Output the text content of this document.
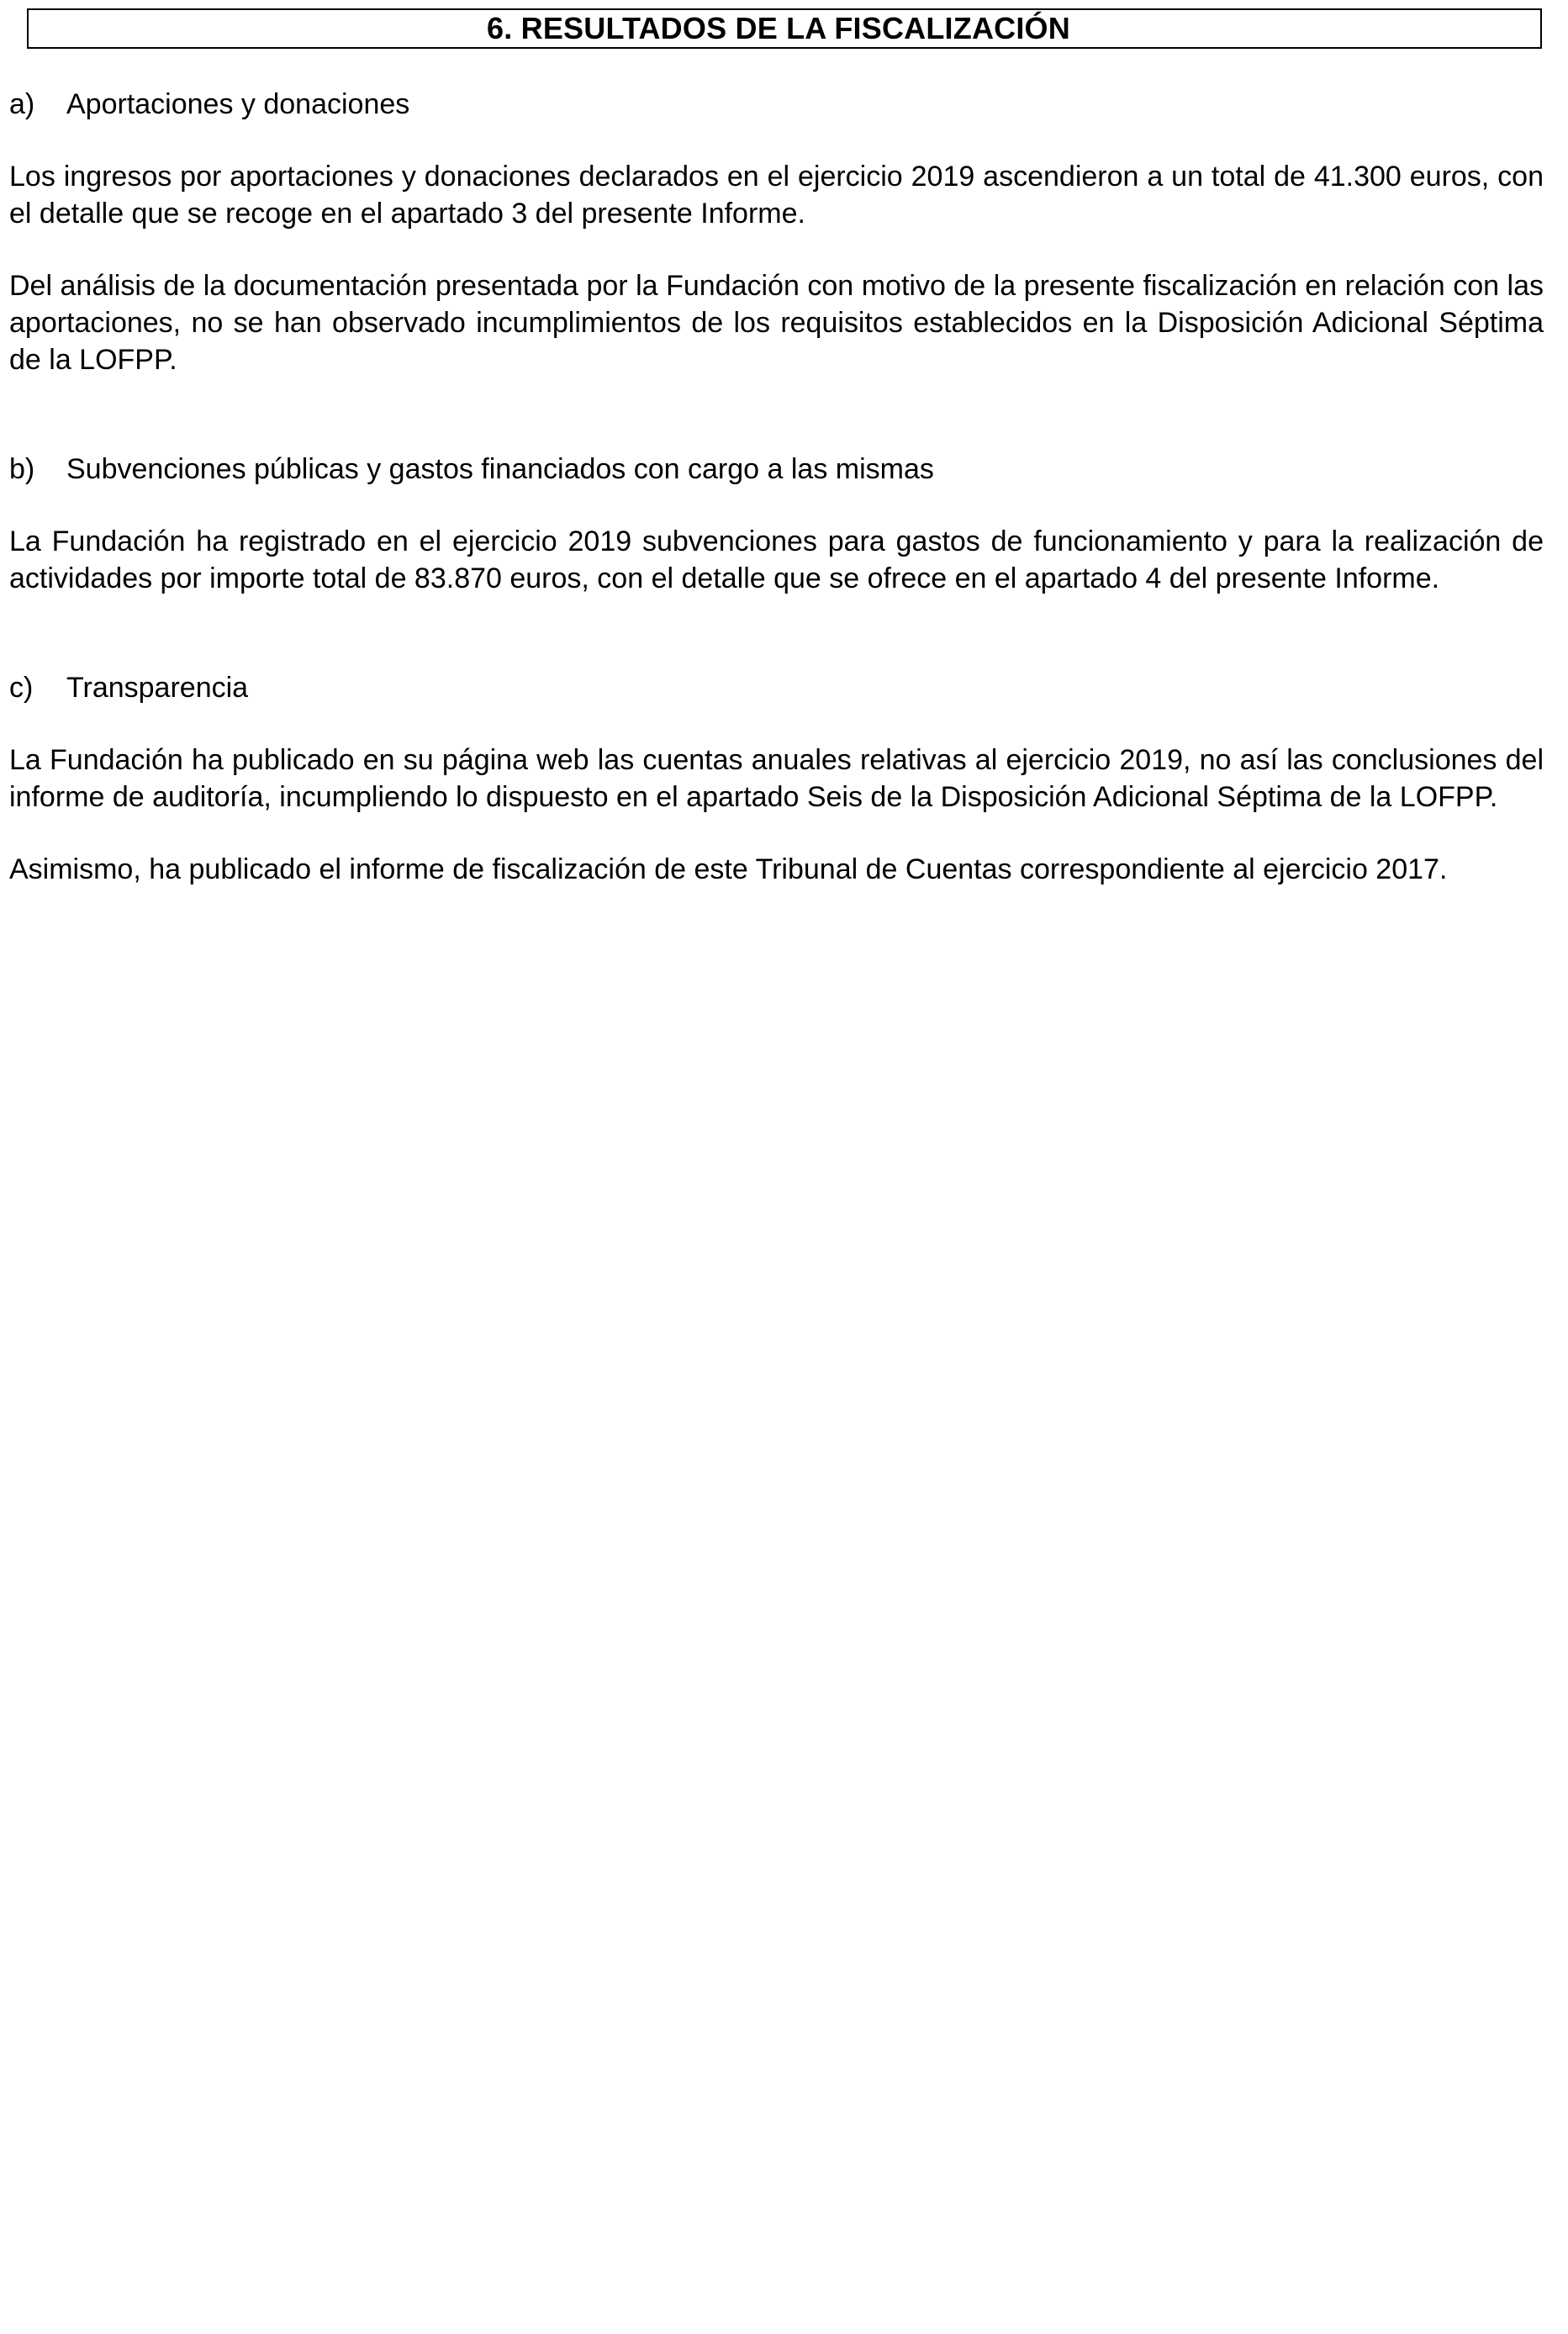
6. RESULTADOS DE LA FISCALIZACIÓN
a) Aportaciones y donaciones

Los ingresos por aportaciones y donaciones declarados en el ejercicio 2019 ascendieron a un total de 41.300 euros, con el detalle que se recoge en el apartado 3 del presente Informe.

Del análisis de la documentación presentada por la Fundación con motivo de la presente fiscalización en relación con las aportaciones, no se han observado incumplimientos de los requisitos establecidos en la Disposición Adicional Séptima de la LOFPP.

b) Subvenciones públicas y gastos financiados con cargo a las mismas

La Fundación ha registrado en el ejercicio 2019 subvenciones para gastos de funcionamiento y para la realización de actividades por importe total de 83.870 euros, con el detalle que se ofrece en el apartado 4 del presente Informe.

c) Transparencia

La Fundación ha publicado en su página web las cuentas anuales relativas al ejercicio 2019, no así las conclusiones del informe de auditoría, incumpliendo lo dispuesto en el apartado Seis de la Disposición Adicional Séptima de la LOFPP.

Asimismo, ha publicado el informe de fiscalización de este Tribunal de Cuentas correspondiente al ejercicio 2017.
